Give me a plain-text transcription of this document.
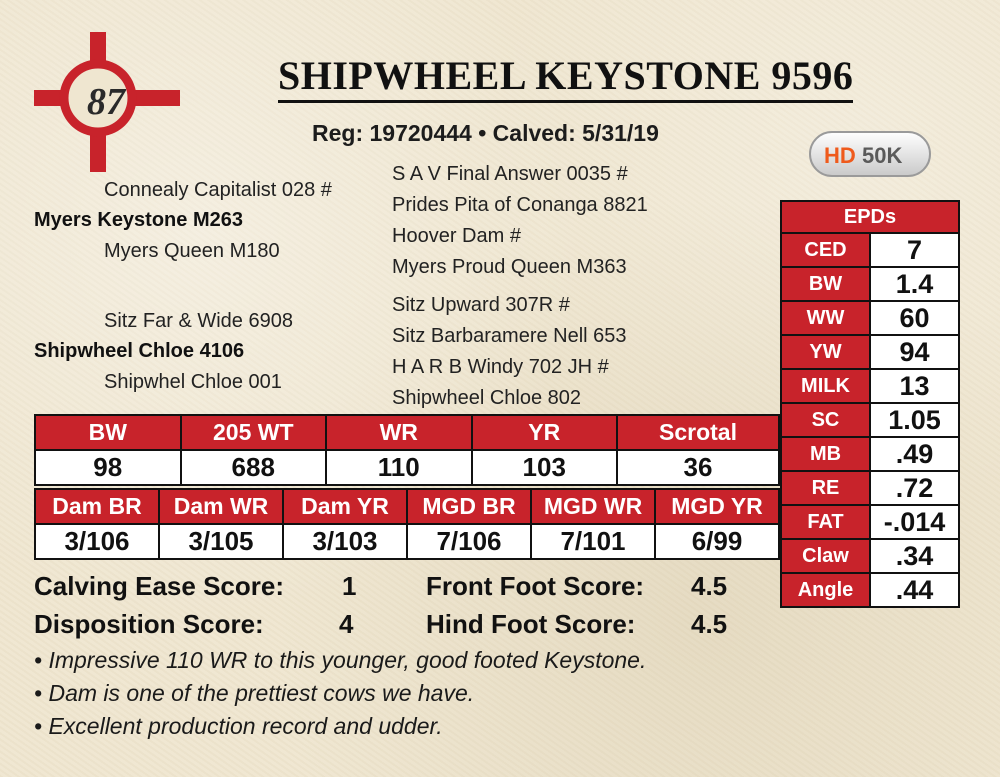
87
SHIPWHEEL KEYSTONE 9596
Reg: 19720444 • Calved: 5/31/19
HD 50K
Connealy Capitalist 028 #
Myers Keystone M263
Myers Queen M180
Sitz Far & Wide 6908
Shipwheel Chloe 4106
Shipwhel Chloe 001
S A V Final Answer 0035 #
Prides Pita of Conanga 8821
Hoover Dam #
Myers Proud Queen M363
Sitz Upward 307R #
Sitz Barbaramere Nell 653
H A R B Windy 702 JH #
Shipwheel Chloe 802
EPDs	
CED	7
BW	1.4
WW	60
YW	94
MILK	13
SC	1.05
MB	.49
RE	.72
FAT	-.014
Claw	.34
Angle	.44
BW	205 WT	WR	YR	Scrotal
98	688	110	103	36
Dam BR	Dam WR	Dam YR	MGD BR	MGD WR	MGD YR
3/106	3/105	3/103	7/106	7/101	6/99
Calving Ease Score: 1
Disposition Score:	4
Front Foot Score: 4.5
Hind Foot Score: 4.5
• Impressive 110 WR to this younger, good footed Keystone.
• Dam is one of the prettiest cows we have.
• Excellent production record and udder.
